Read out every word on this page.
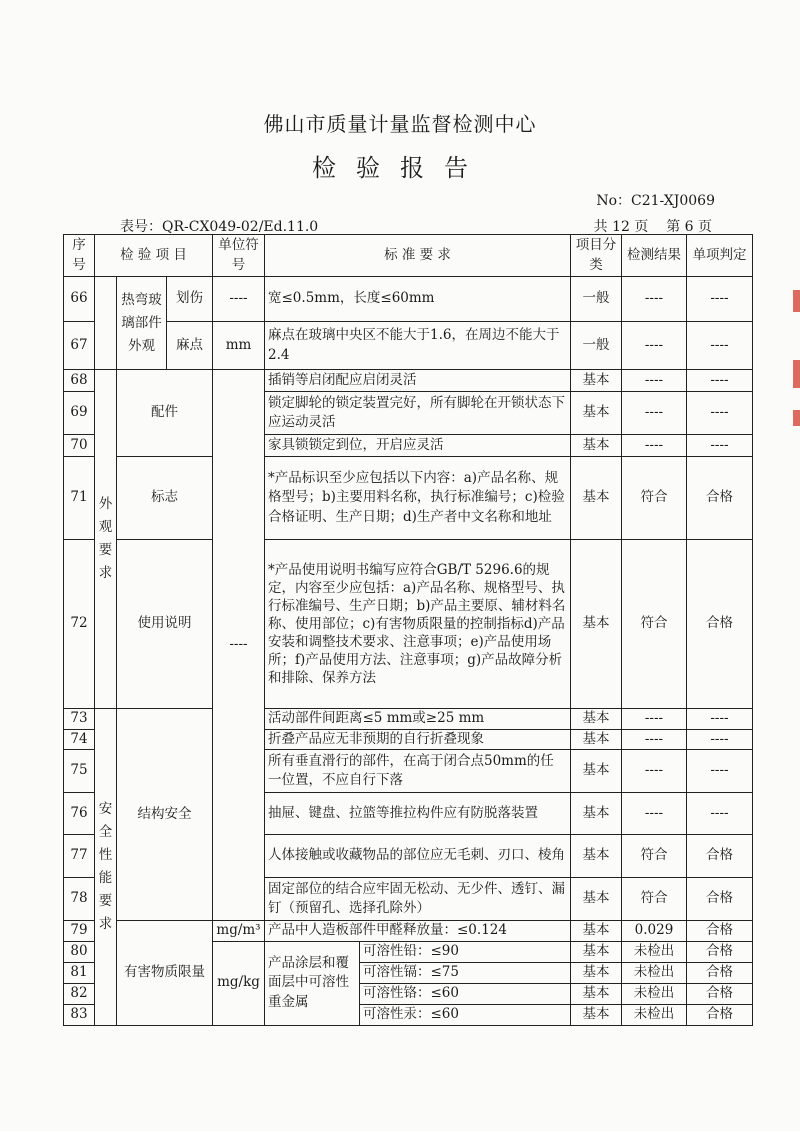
佛山市质量计量监督检测中心
检验报告
No：C21-XJ0069
表号：QR-CX049-02/Ed.11.0	共 12 页 第 6 页
序号	检 验 项 目			单位符号	标 准 要 求		项目分类	检测结果	单项判定
66		热弯玻璃部件外观	划伤	----	宽≤0.5mm，长度≤60mm		一般	----	----
67			麻点	mm	麻点在玻璃中央区不能大于1.6，在周边不能大于2.4		一般	----	----
68	外观要求	配件		----	插销等启闭配应启闭灵活		基本	----	----
69					锁定脚轮的锁定装置完好，所有脚轮在开锁状态下应运动灵活		基本	----	----
70					家具锁锁定到位，开启应灵活		基本	----	----
71		标志			*产品标识至少应包括以下内容：a)产品名称、规格型号；b)主要用料名称，执行标准编号；c)检验合格证明、生产日期；d)生产者中文名称和地址		基本	符合	合格
72		使用说明			*产品使用说明书编写应符合GB/T 5296.6的规定，内容至少应包括：a)产品名称、规格型号、执行标准编号、生产日期；b)产品主要原、辅材料名称、使用部位；c)有害物质限量的控制指标d)产品安装和调整技术要求、注意事项；e)产品使用场所；f)产品使用方法、注意事项；g)产品故障分析和排除、保养方法		基本	符合	合格
73	安全性能要求	结构安全			活动部件间距离≤5 mm或≥25 mm		基本	----	----
74					折叠产品应无非预期的自行折叠现象		基本	----	----
75					所有垂直滑行的部件，在高于闭合点50mm的任一位置，不应自行下落		基本	----	----
76					抽屉、键盘、拉篮等推拉构件应有防脱落装置		基本	----	----
77					人体接触或收藏物品的部位应无毛刺、刃口、棱角		基本	符合	合格
78					固定部位的结合应牢固无松动、无少件、透钉、漏钉（预留孔、选择孔除外）		基本	符合	合格
79		有害物质限量		mg/m³	产品中人造板部件甲醛释放量：≤0.124		基本	0.029	合格
80				mg/kg	产品涂层和覆面层中可溶性重金属	可溶性铅：≤90	基本	未检出	合格
81						可溶性镉：≤75	基本	未检出	合格
82						可溶性铬：≤60	基本	未检出	合格
83						可溶性汞：≤60	基本	未检出	合格
